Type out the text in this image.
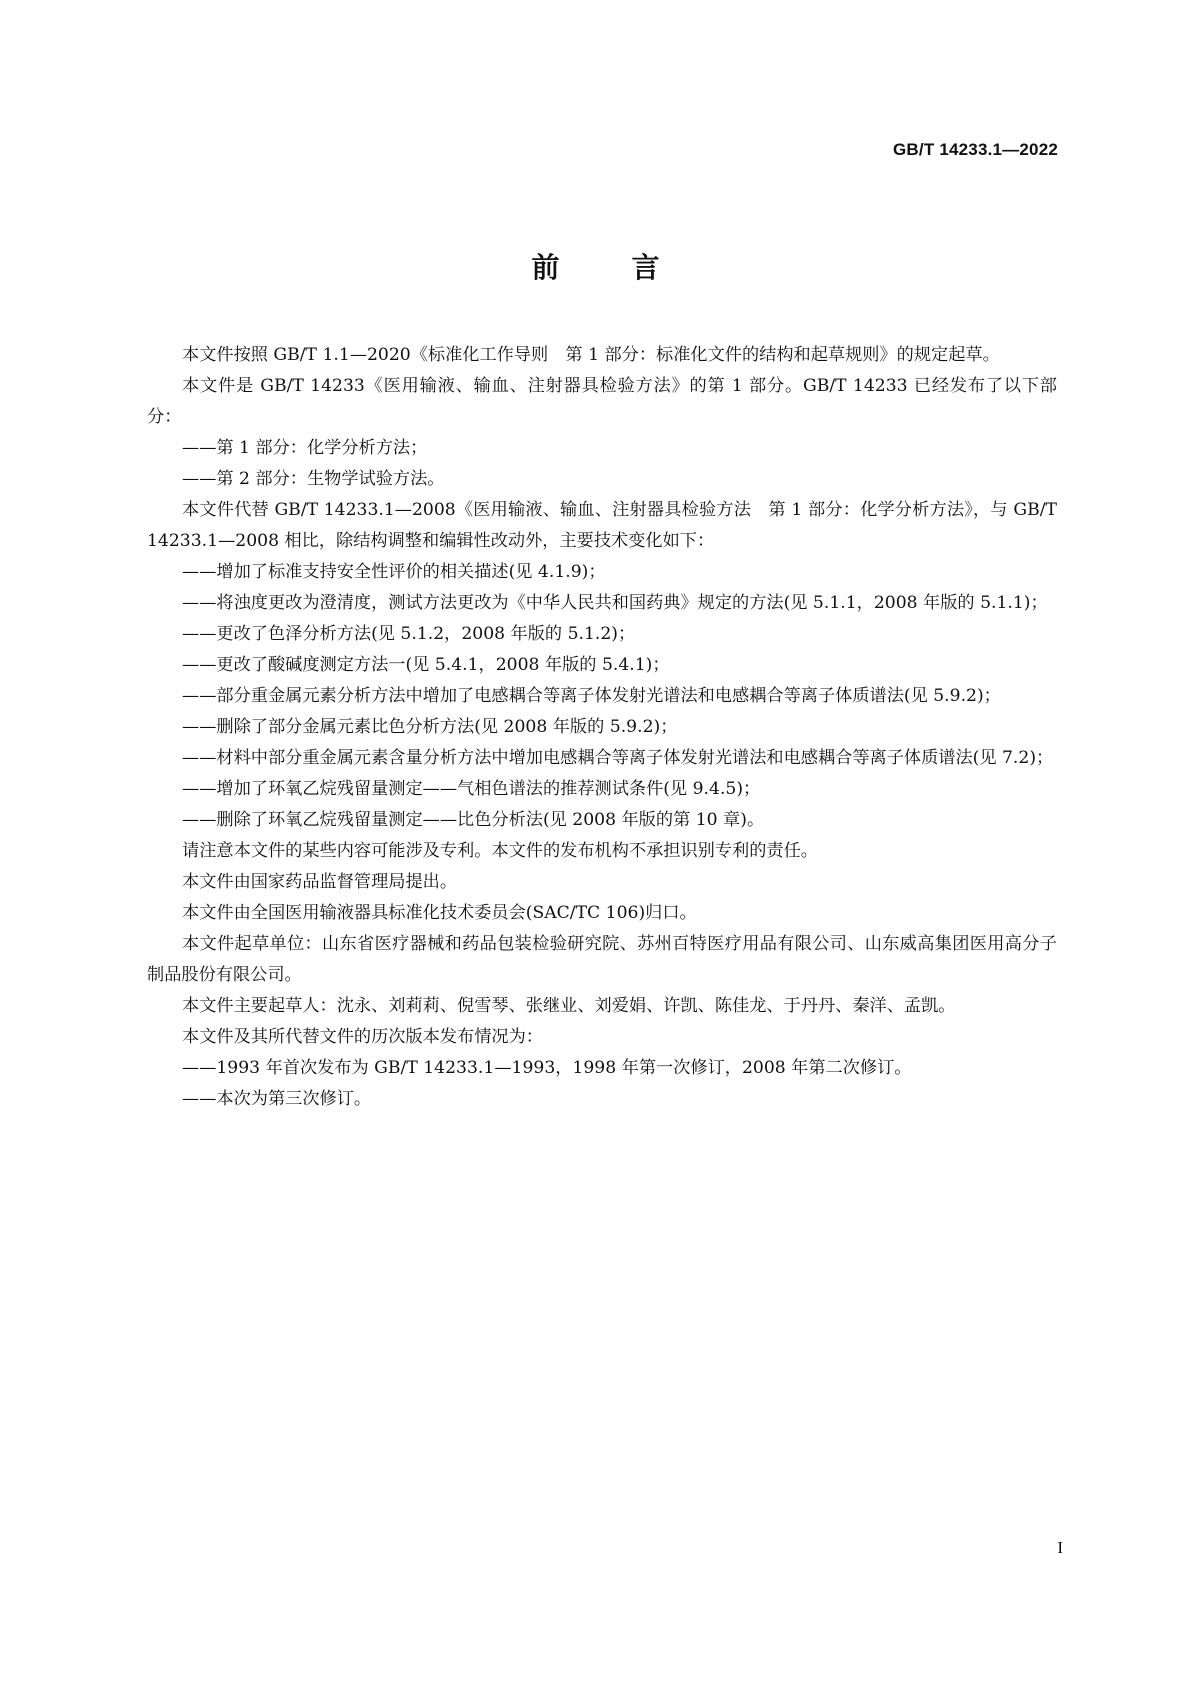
GB/T 14233.1—2022
前	言

本文件按照 GB/T 1.1—2020《标准化工作导则　第 1 部分：标准化文件的结构和起草规则》的规定起草。

本文件是 GB/T 14233《医用输液、输血、注射器具检验方法》的第 1 部分。GB/T 14233 已经发布了以下部分：

——第 1 部分：化学分析方法；

——第 2 部分：生物学试验方法。

本文件代替 GB/T 14233.1—2008《医用输液、输血、注射器具检验方法　第 1 部分：化学分析方法》，与 GB/T 14233.1—2008 相比，除结构调整和编辑性改动外，主要技术变化如下：

——增加了标准支持安全性评价的相关描述(见 4.1.9)；

——将浊度更改为澄清度，测试方法更改为《中华人民共和国药典》规定的方法(见 5.1.1，2008 年版的 5.1.1)；

——更改了色泽分析方法(见 5.1.2，2008 年版的 5.1.2)；

——更改了酸碱度测定方法一(见 5.4.1，2008 年版的 5.4.1)；

——部分重金属元素分析方法中增加了电感耦合等离子体发射光谱法和电感耦合等离子体质谱法(见 5.9.2)；

——删除了部分金属元素比色分析方法(见 2008 年版的 5.9.2)；

——材料中部分重金属元素含量分析方法中增加电感耦合等离子体发射光谱法和电感耦合等离子体质谱法(见 7.2)；

——增加了环氧乙烷残留量测定——气相色谱法的推荐测试条件(见 9.4.5)；

——删除了环氧乙烷残留量测定——比色分析法(见 2008 年版的第 10 章)。

请注意本文件的某些内容可能涉及专利。本文件的发布机构不承担识别专利的责任。

本文件由国家药品监督管理局提出。

本文件由全国医用输液器具标准化技术委员会(SAC/TC 106)归口。

本文件起草单位：山东省医疗器械和药品包装检验研究院、苏州百特医疗用品有限公司、山东威高集团医用高分子制品股份有限公司。

本文件主要起草人：沈永、刘莉莉、倪雪琴、张继业、刘爱娟、许凯、陈佳龙、于丹丹、秦洋、孟凯。

本文件及其所代替文件的历次版本发布情况为：

——1993 年首次发布为 GB/T 14233.1—1993，1998 年第一次修订，2008 年第二次修订。

——本次为第三次修订。

I
